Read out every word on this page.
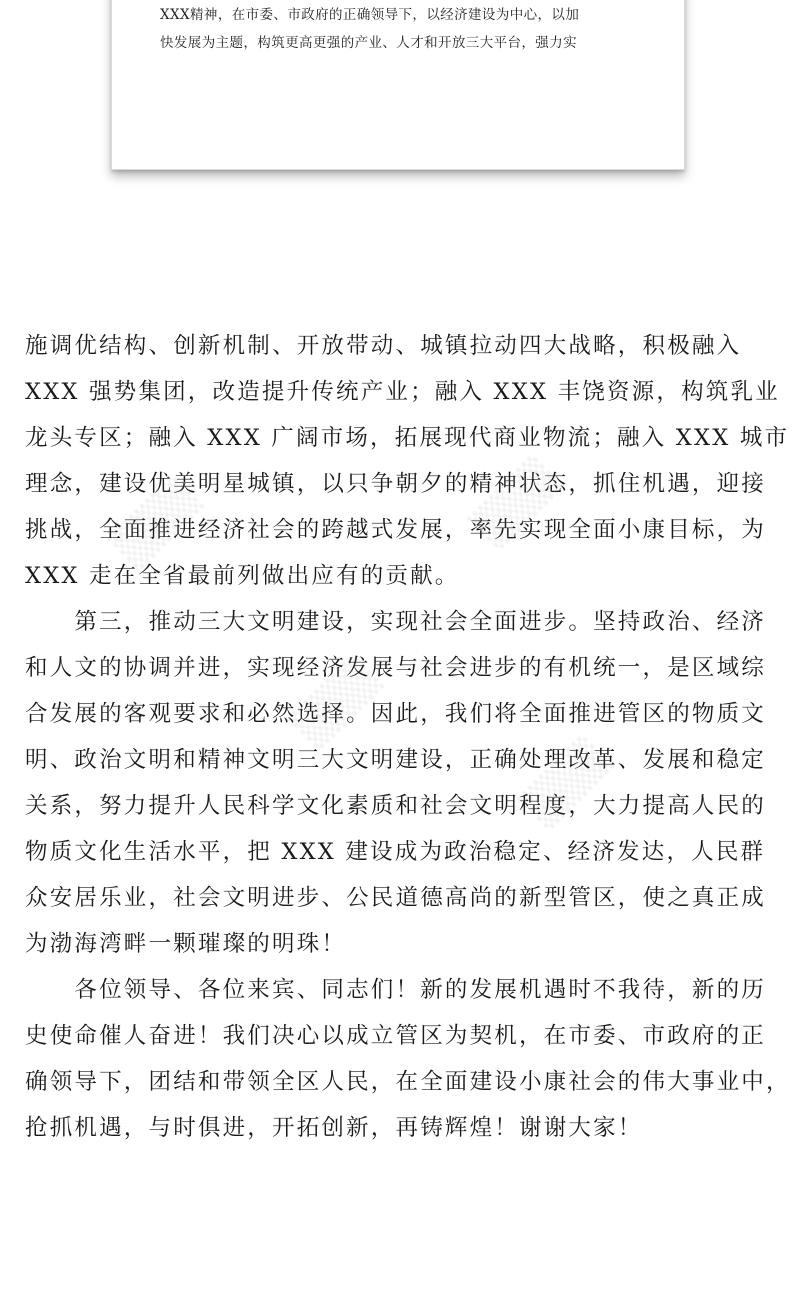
XXX精神，在市委、市政府的正确领导下，以经济建设为中心，以加
快发展为主题，构筑更高更强的产业、人才和开放三大平台，强力实
施调优结构、创新机制、开放带动、城镇拉动四大战略，积极融入
XXX 强势集团，改造提升传统产业；融入 XXX 丰饶资源，构筑乳业
龙头专区；融入 XXX 广阔市场，拓展现代商业物流；融入 XXX 城市
理念，建设优美明星城镇，以只争朝夕的精神状态，抓住机遇，迎接
挑战，全面推进经济社会的跨越式发展，率先实现全面小康目标，为
XXX 走在全省最前列做出应有的贡献。
　　第三，推动三大文明建设，实现社会全面进步。坚持政治、经济
和人文的协调并进，实现经济发展与社会进步的有机统一，是区域综
合发展的客观要求和必然选择。因此，我们将全面推进管区的物质文
明、政治文明和精神文明三大文明建设，正确处理改革、发展和稳定
关系，努力提升人民科学文化素质和社会文明程度，大力提高人民的
物质文化生活水平，把 XXX 建设成为政治稳定、经济发达，人民群
众安居乐业，社会文明进步、公民道德高尚的新型管区，使之真正成
为渤海湾畔一颗璀璨的明珠！
　　各位领导、各位来宾、同志们！新的发展机遇时不我待，新的历
史使命催人奋进！我们决心以成立管区为契机，在市委、市政府的正
确领导下，团结和带领全区人民，在全面建设小康社会的伟大事业中，
抢抓机遇，与时俱进，开拓创新，再铸辉煌！谢谢大家！
▒▒▒
▒▒▒
▒▒▒
▒▒▒
